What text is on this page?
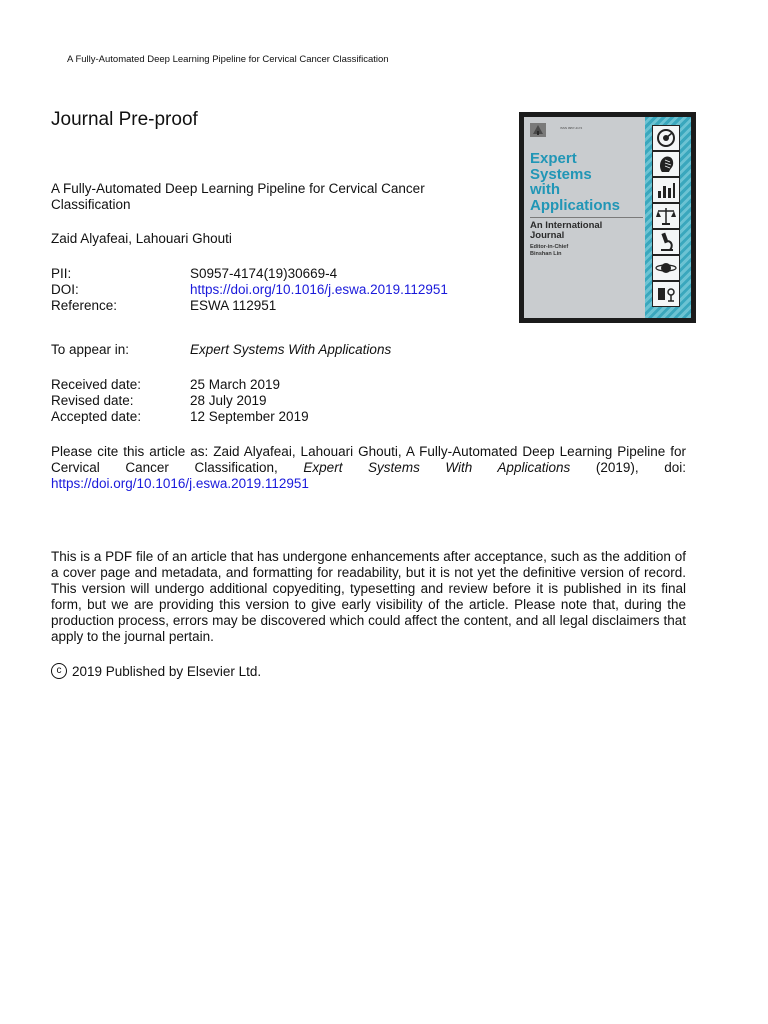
A Fully-Automated Deep Learning Pipeline for Cervical Cancer Classification
Journal Pre-proof
A Fully-Automated Deep Learning Pipeline for Cervical Cancer Classification
Zaid Alyafeai, Lahouari Ghouti
PII:	S0957-4174(19)30669-4
DOI:	https://doi.org/10.1016/j.eswa.2019.112951
Reference:	ESWA 112951
To appear in:	Expert Systems With Applications
Received date:	25 March 2019
Revised date:	28 July 2019
Accepted date:	12 September 2019
Please cite this article as: Zaid Alyafeai, Lahouari Ghouti, A Fully-Automated Deep Learning Pipeline for Cervical Cancer Classification, Expert Systems With Applications (2019), doi: https://doi.org/10.1016/j.eswa.2019.112951
This is a PDF file of an article that has undergone enhancements after acceptance, such as the addition of a cover page and metadata, and formatting for readability, but it is not yet the definitive version of record. This version will undergo additional copyediting, typesetting and review before it is published in its final form, but we are providing this version to give early visibility of the article. Please note that, during the production process, errors may be discovered which could affect the content, and all legal disclaimers that apply to the journal pertain.
c 2019 Published by Elsevier Ltd.
ISSN 0957-4174
Expert
Systems
with
Applications
An International
Journal
Editor-in-Chief
Binshan Lin
